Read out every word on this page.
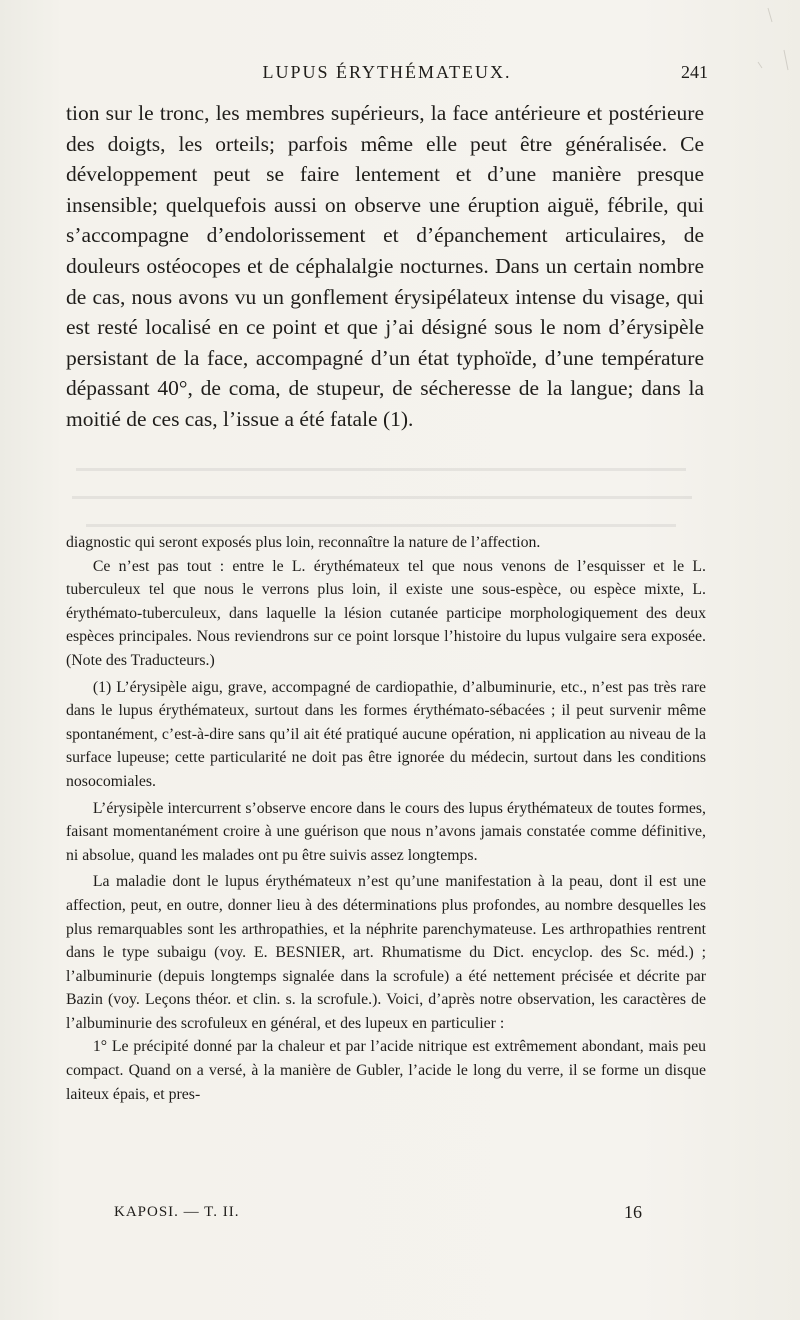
LUPUS ÉRYTHÉMATEUX.	241

tion sur le tronc, les membres supérieurs, la face antérieure et postérieure des doigts, les orteils; parfois même elle peut être généralisée. Ce développement peut se faire lentement et d’une manière presque insensible; quelquefois aussi on observe une éruption aiguë, fébrile, qui s’accompagne d’endolorissement et d’épanchement articulaires, de douleurs ostéocopes et de céphalalgie nocturnes. Dans un certain nombre de cas, nous avons vu un gonflement érysipélateux intense du visage, qui est resté localisé en ce point et que j’ai désigné sous le nom d’érysipèle persistant de la face, accompagné d’un état typhoïde, d’une température dépassant 40°, de coma, de stupeur, de sécheresse de la langue; dans la moitié de ces cas, l’issue a été fatale (1).

diagnostic qui seront exposés plus loin, reconnaître la nature de l’affection.

Ce n’est pas tout : entre le L. érythémateux tel que nous venons de l’esquisser et le L. tuberculeux tel que nous le verrons plus loin, il existe une sous-espèce, ou espèce mixte, L. érythémato-tuberculeux, dans laquelle la lésion cutanée participe morphologiquement des deux espèces principales. Nous reviendrons sur ce point lorsque l’histoire du lupus vulgaire sera exposée. (Note des Traducteurs.)

(1) L’érysipèle aigu, grave, accompagné de cardiopathie, d’albuminurie, etc., n’est pas très rare dans le lupus érythémateux, surtout dans les formes érythémato-sébacées ; il peut survenir même spontanément, c’est-à-dire sans qu’il ait été pratiqué aucune opération, ni application au niveau de la surface lupeuse; cette particularité ne doit pas être ignorée du médecin, surtout dans les conditions nosocomiales.

L’érysipèle intercurrent s’observe encore dans le cours des lupus érythémateux de toutes formes, faisant momentanément croire à une guérison que nous n’avons jamais constatée comme définitive, ni absolue, quand les malades ont pu être suivis assez longtemps.

La maladie dont le lupus érythémateux n’est qu’une manifestation à la peau, dont il est une affection, peut, en outre, donner lieu à des déterminations plus profondes, au nombre desquelles les plus remarquables sont les arthropathies, et la néphrite parenchymateuse. Les arthropathies rentrent dans le type subaigu (voy. E. BESNIER, art. Rhumatisme du Dict. encyclop. des Sc. méd.) ; l’albuminurie (depuis longtemps signalée dans la scrofule) a été nettement précisée et décrite par Bazin (voy. Leçons théor. et clin. s. la scrofule.). Voici, d’après notre observation, les caractères de l’albuminurie des scrofuleux en général, et des lupeux en particulier :

1° Le précipité donné par la chaleur et par l’acide nitrique est extrêmement abondant, mais peu compact. Quand on a versé, à la manière de Gubler, l’acide le long du verre, il se forme un disque laiteux épais, et pres-

KAPOSI. — T. II.	16
